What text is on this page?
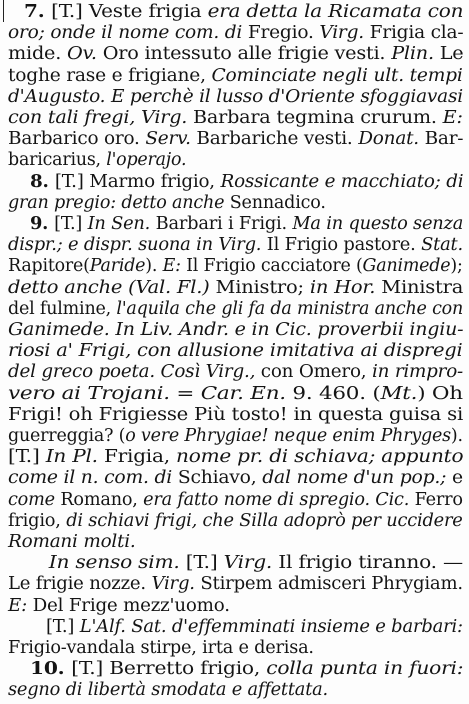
7. [T.] Veste frigia era detta la Ricamata con
oro; onde il nome com. di Fregio. Virg. Frigia cla-
mide. Ov. Oro intessuto alle frigie vesti. Plin. Le
toghe rase e frigiane, Cominciate negli ult. tempi
d'Augusto. E perchè il lusso d'Oriente sfoggiavasi
con tali fregi, Virg. Barbara tegmina crurum. E:
Barbarico oro. Serv. Barbariche vesti. Donat. Bar-
baricarius, l'operajo.
8. [T.] Marmo frigio, Rossicante e macchiato; di
gran pregio: detto anche Sennadico.
9. [T.] In Sen. Barbari i Frigi. Ma in questo senza
dispr.; e dispr. suona in Virg. Il Frigio pastore. Stat.
Rapitore(Paride). E: Il Frigio cacciatore (Ganimede);
detto anche (Val. Fl.) Ministro; in Hor. Ministra
del fulmine, l'aquila che gli fa da ministra anche con
Ganimede. In Liv. Andr. e in Cic. proverbii ingiu-
riosi a' Frigi, con allusione imitativa ai dispregi
del greco poeta. Così Virg., con Omero, in rimpro-
vero ai Trojani. = Car. En. 9. 460. (Mt.) Oh
Frigi! oh Frigiesse Più tosto! in questa guisa si
guerreggia? (o vere Phrygiae! neque enim Phryges).
[T.] In Pl. Frigia, nome pr. di schiava; appunto
come il n. com. di Schiavo, dal nome d'un pop.; e
come Romano, era fatto nome di spregio. Cic. Ferro
frigio, di schiavi frigi, che Silla adoprò per uccidere
Romani molti.
In senso sim. [T.] Virg. Il frigio tiranno. —
Le frigie nozze. Virg. Stirpem admisceri Phrygiam.
E: Del Frige mezz'uomo.
[T.] L'Alf. Sat. d'effemminati insieme e barbari:
Frigio-vandala stirpe, irta e derisa.
10. [T.] Berretto frigio, colla punta in fuori:
segno di libertà smodata e affettata.
